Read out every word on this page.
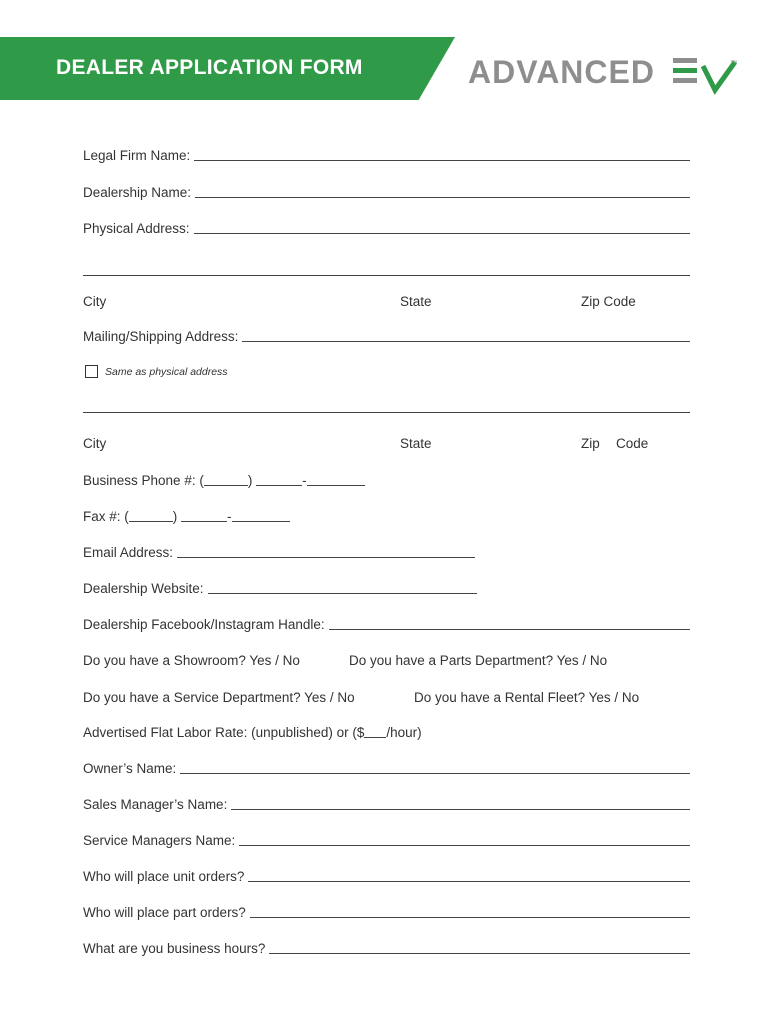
DEALER APPLICATION FORM	ADVANCED	™
Legal Firm Name:
Dealership Name:
Physical Address:
City	State	Zip Code
Mailing/Shipping Address:
Same as physical address
City	State	Zip Code
Business Phone #: (	)	-
Fax #: (	)	-
Email Address:
Dealership Website:
Dealership Facebook/Instagram Handle:
Do you have a Showroom? Yes / No	Do you have a Parts Department? Yes / No
Do you have a Service Department? Yes / No	Do you have a Rental Fleet? Yes / No
Advertised Flat Labor Rate: (unpublished) or ($ /hour)
Owner’s Name:
Sales Manager’s Name:
Service Managers Name:
Who will place unit orders?
Who will place part orders?
What are you business hours?
